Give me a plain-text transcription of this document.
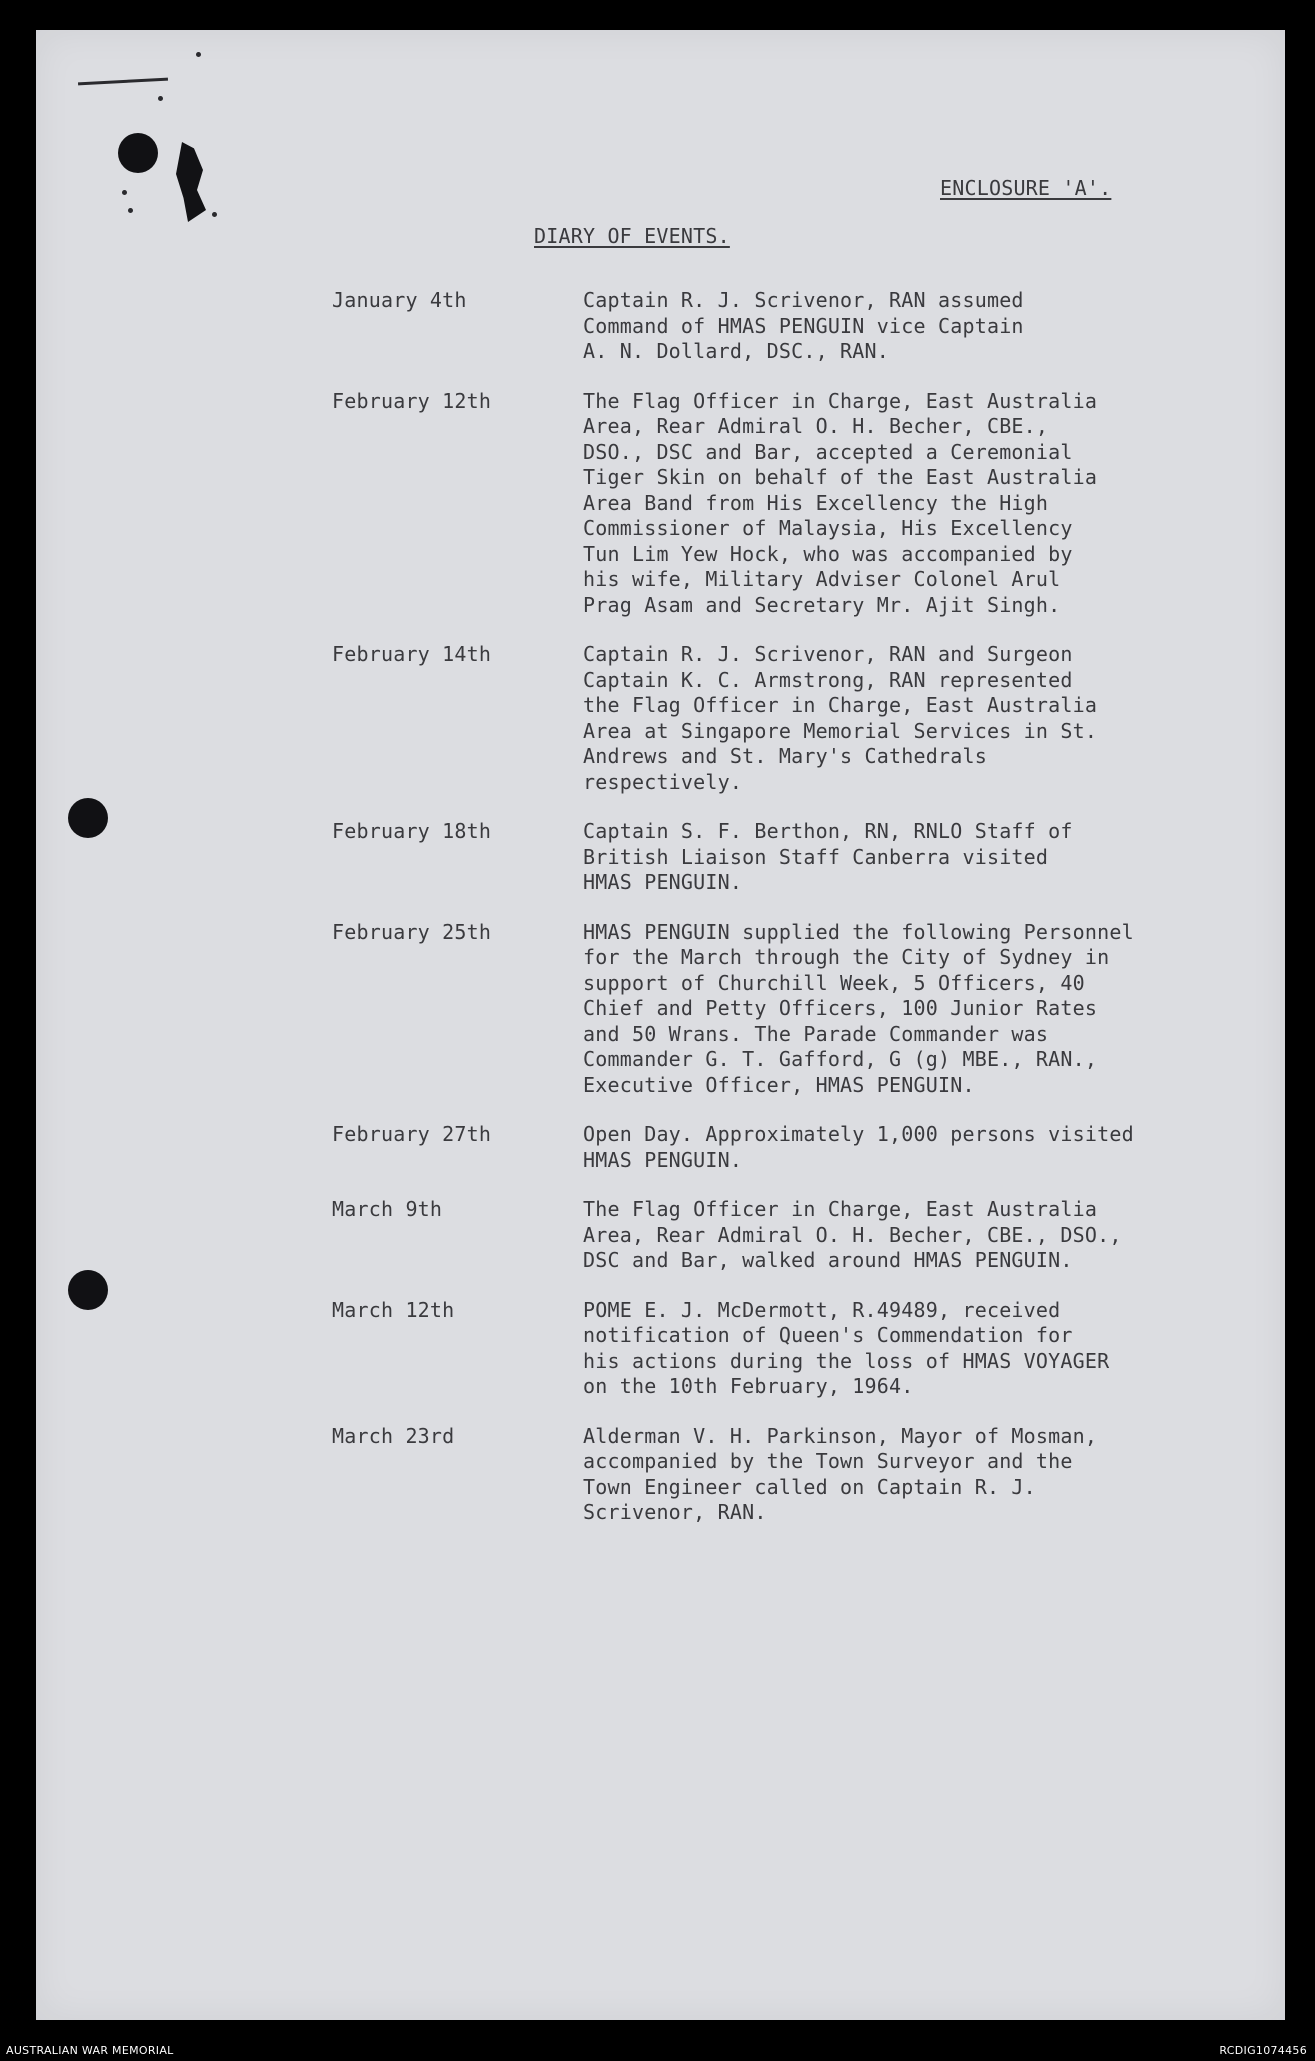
ENCLOSURE 'A'.
DIARY OF EVENTS.
January 4th	Captain R. J. Scrivenor, RAN assumed
Command of HMAS PENGUIN vice Captain
A. N. Dollard, DSC., RAN.
February 12th	The Flag Officer in Charge, East Australia
Area, Rear Admiral O. H. Becher, CBE.,
DSO., DSC and Bar, accepted a Ceremonial
Tiger Skin on behalf of the East Australia
Area Band from His Excellency the High
Commissioner of Malaysia, His Excellency
Tun Lim Yew Hock, who was accompanied by
his wife, Military Adviser Colonel Arul
Prag Asam and Secretary Mr. Ajit Singh.
February 14th	Captain R. J. Scrivenor, RAN and Surgeon
Captain K. C. Armstrong, RAN represented
the Flag Officer in Charge, East Australia
Area at Singapore Memorial Services in St.
Andrews and St. Mary's Cathedrals
respectively.
February 18th	Captain S. F. Berthon, RN, RNLO Staff of
British Liaison Staff Canberra visited
HMAS PENGUIN.
February 25th	HMAS PENGUIN supplied the following Personnel
for the March through the City of Sydney in
support of Churchill Week, 5 Officers, 40
Chief and Petty Officers, 100 Junior Rates
and 50 Wrans. The Parade Commander was
Commander G. T. Gafford, G (g) MBE., RAN.,
Executive Officer, HMAS PENGUIN.
February 27th	Open Day. Approximately 1,000 persons visited
HMAS PENGUIN.
March 9th	The Flag Officer in Charge, East Australia
Area, Rear Admiral O. H. Becher, CBE., DSO.,
DSC and Bar, walked around HMAS PENGUIN.
March 12th	POME E. J. McDermott, R.49489, received
notification of Queen's Commendation for
his actions during the loss of HMAS VOYAGER
on the 10th February, 1964.
March 23rd	Alderman V. H. Parkinson, Mayor of Mosman,
accompanied by the Town Surveyor and the
Town Engineer called on Captain R. J.
Scrivenor, RAN.
AUSTRALIAN WAR MEMORIAL	RCDIG1074456
